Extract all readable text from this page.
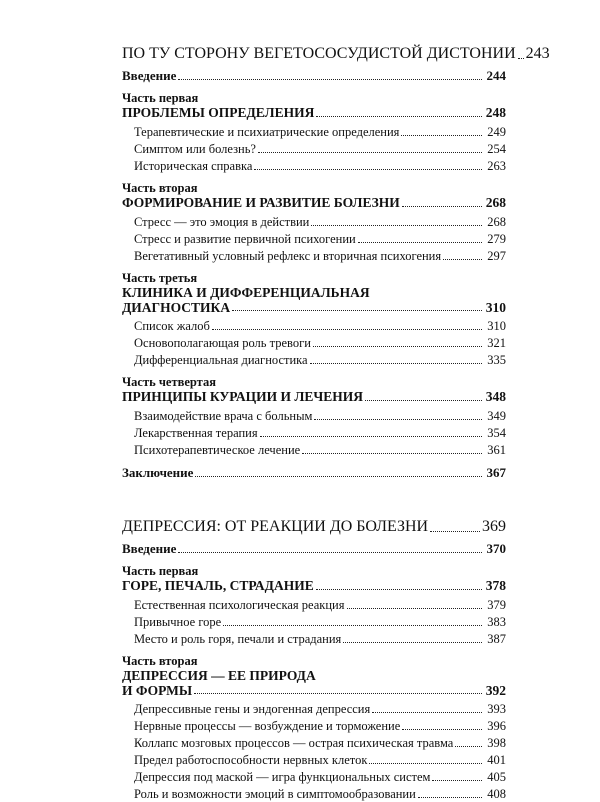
ПО ТУ СТОРОНУ ВЕГЕТОСОСУДИСТОЙ ДИСТОНИИ 243
Введение	244
Часть первая
ПРОБЛЕМЫ ОПРЕДЕЛЕНИЯ	248
Терапевтические и психиатрические определения	249
Симптом или болезнь?	254
Историческая справка	263
Часть вторая
ФОРМИРОВАНИЕ И РАЗВИТИЕ БОЛЕЗНИ	268
Стресс — это эмоция в действии	268
Стресс и развитие первичной психогении	279
Вегетативный условный рефлекс и вторичная психогения	297
Часть третья
КЛИНИКА И ДИФФЕРЕНЦИАЛЬНАЯ
ДИАГНОСТИКА	310
Список жалоб	310
Основополагающая роль тревоги	321
Дифференциальная диагностика	335
Часть четвертая
ПРИНЦИПЫ КУРАЦИИ И ЛЕЧЕНИЯ	348
Взаимодействие врача с больным	349
Лекарственная терапия	354
Психотерапевтическое лечение	361
Заключение	367
ДЕПРЕССИЯ: ОТ РЕАКЦИИ ДО БОЛЕЗНИ	369
Введение	370
Часть первая
ГОРЕ, ПЕЧАЛЬ, СТРАДАНИЕ	378
Естественная психологическая реакция	379
Привычное горе	383
Место и роль горя, печали и страдания	387
Часть вторая
ДЕПРЕССИЯ — ЕЕ ПРИРОДА
И ФОРМЫ	392
Депрессивные гены и эндогенная депрессия	393
Нервные процессы — возбуждение и торможение	396
Коллапс мозговых процессов — острая психическая травма	398
Предел работоспособности нервных клеток	401
Депрессия под маской — игра функциональных систем	405
Роль и возможности эмоций в симптомообразовании	408
